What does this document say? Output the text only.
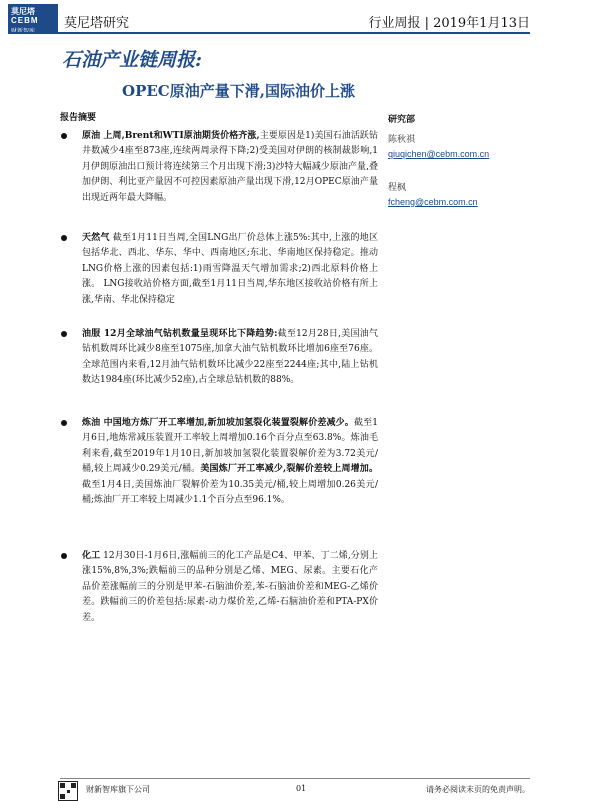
莫尼塔
CEBM 莫尼塔研究	行业周报 | 2019年1月13日
石油产业链周报:
OPEC原油产量下滑,国际油价上涨
报告摘要
原油 上周,Brent和WTI原油期货价格齐涨,主要原因是1)美国石油活跃钻井数减少4座至873座,连续两周录得下降;2)受美国对伊朗的核制裁影响,1月伊朗原油出口预计将连续第三个月出现下滑;3)沙特大幅减少原油产量,叠加伊朗、利比亚产量因不可控因素原油产量出现下滑,12月OPEC原油产量出现近两年最大降幅。
天然气 截至1月11日当周,全国LNG出厂价总体上涨5%:其中,上涨的地区包括华北、西北、华东、华中、西南地区;东北、华南地区保持稳定。推动LNG价格上涨的因素包括:1)雨雪降温天气增加需求;2)西北原料价格上涨。 LNG接收站价格方面,截至1月11日当周,华东地区接收站价格有所上涨,华南、华北保持稳定
油服 12月全球油气钻机数量呈现环比下降趋势:截至12月28日,美国油气钻机数周环比减少8座至1075座,加拿大油气钻机数环比增加6座至76座。全球范围内来看,12月油气钻机数环比减少22座至2244座;其中,陆上钻机数达1984座(环比减少52座),占全球总钻机数的88%。
炼油 中国地方炼厂开工率增加,新加坡加氢裂化装置裂解价差减少。截至1月6日,地炼常减压装置开工率较上周增加0.16个百分点至63.8%。炼油毛利来看,截至2019年1月10日,新加坡加氢裂化装置裂解价差为3.72美元/桶,较上周减少0.29美元/桶。美国炼厂开工率减少,裂解价差较上周增加。截至1月4日,美国炼油厂裂解价差为10.35美元/桶,较上周增加0.26美元/桶;炼油厂开工率较上周减少1.1个百分点至96.1%。
化工 12月30日-1月6日,涨幅前三的化工产品是C4、甲苯、丁二烯,分别上涨15%,8%,3%;跌幅前三的品种分别是乙烯、MEG、尿素。主要石化产品价差涨幅前三的分别是甲苯-石脑油价差,苯-石脑油价差和MEG-乙烯价差。跌幅前三的价差包括:尿素-动力煤价差,乙烯-石脑油价差和PTA-PX价差。
研究部
陈秋祺
qiuqichen@cebm.com.cn
程枫
fcheng@cebm.com.cn
财新智库旗下公司	01	请务必阅读末页的免责声明。
